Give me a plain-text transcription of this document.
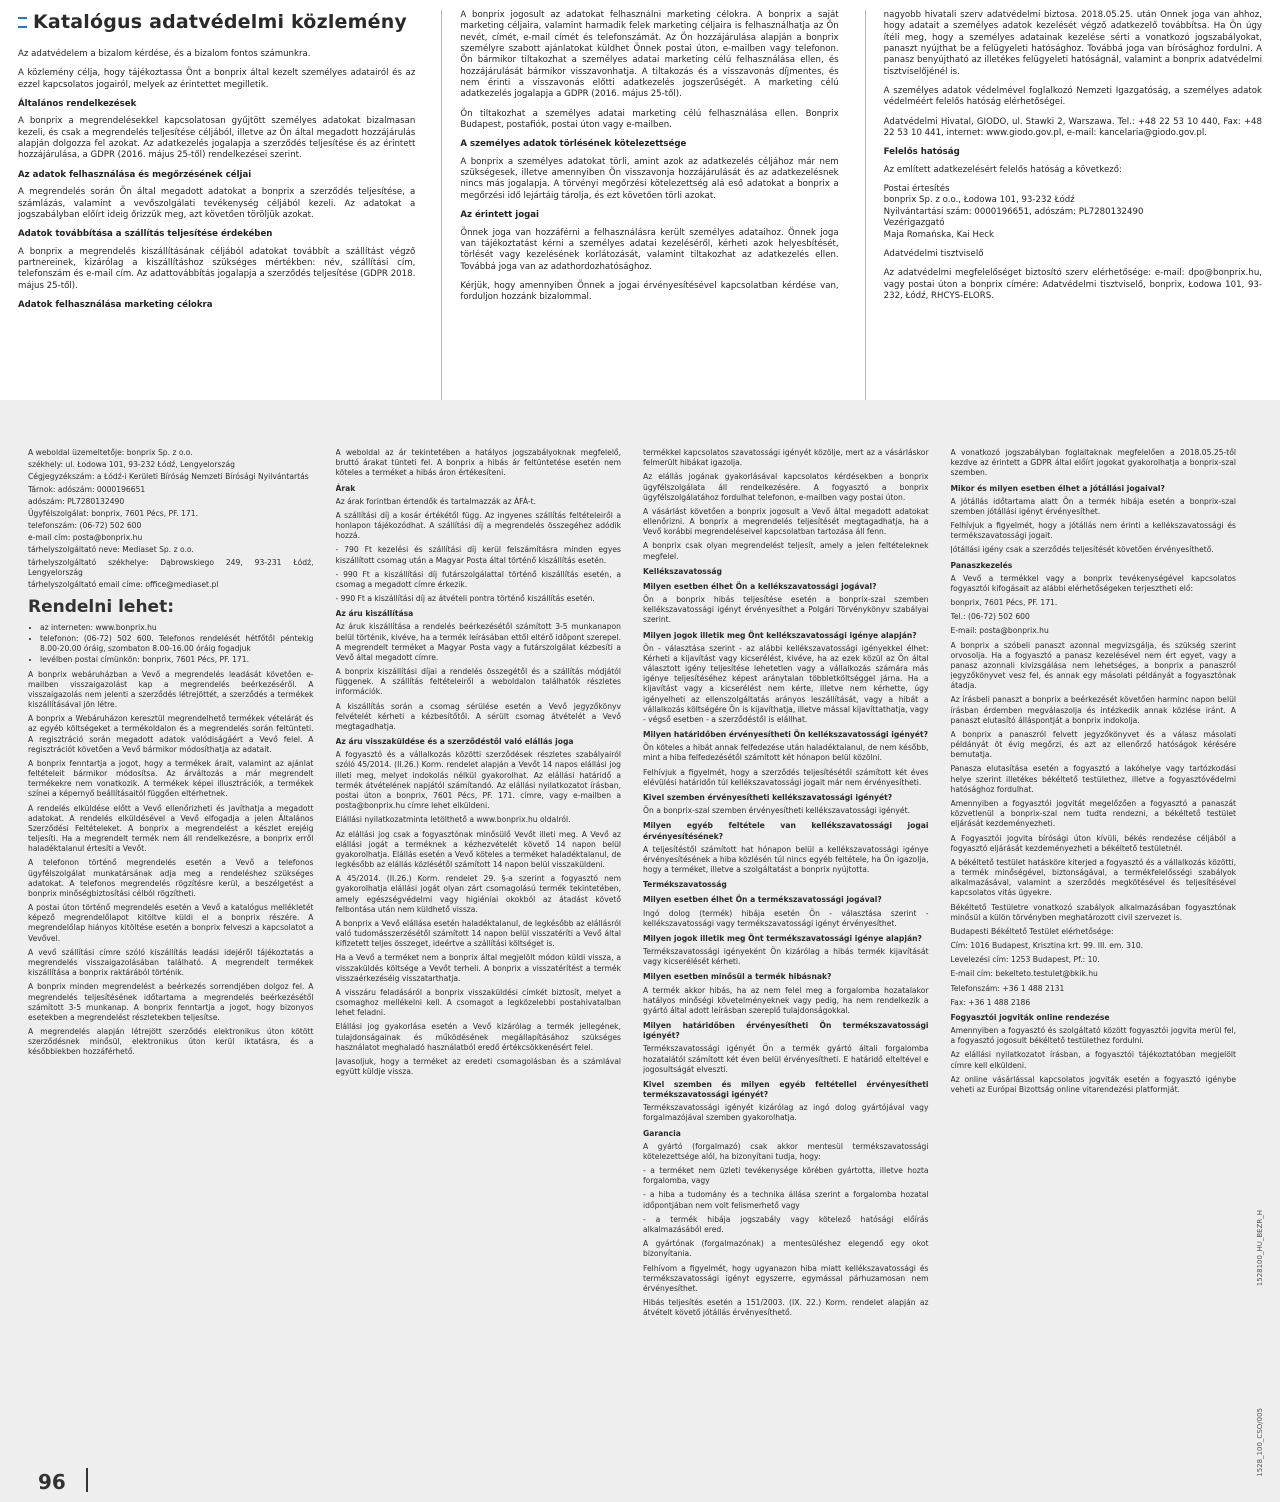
Katalógus adatvédelmi közlemény
Az adatvédelem a bizalom kérdése, és a bizalom fontos számunkra.
A közlemény célja, hogy tájékoztassa Önt a bonprix által kezelt személyes adatairól és az ezzel kapcsolatos jogairól, melyek az érintettet megilletik.
Általános rendelkezések
A bonprix a megrendelésekkel kapcsolatosan gyűjtött személyes adatokat bizalmasan kezeli, és csak a megrendelés teljesítése céljából, illetve az Ön által megadott hozzájárulás alapján dolgozza fel azokat. Az adatkezelés jogalapja a szerződés teljesítése és az érintett hozzájárulása, a GDPR (2016. május 25-től) rendelkezései szerint.
Az adatok felhasználása és megőrzésének céljai
A megrendelés során Ön által megadott adatokat a bonprix a szerződés teljesítése, a számlázás, valamint a vevőszolgálati tevékenység céljából kezeli. Az adatokat a jogszabályban előírt ideig őrizzük meg, azt követően töröljük azokat.
Adatok továbbítása a szállítás teljesítése érdekében
A bonprix a megrendelés kiszállításának céljából adatokat továbbít a szállítást végző partnereinek, kizárólag a kiszállításhoz szükséges mértékben: név, szállítási cím, telefonszám és e-mail cím. Az adattovábbítás jogalapja a szerződés teljesítése (GDPR 2018. május 25-től).
Adatok felhasználása marketing célokra
A bonprix jogosult az adatokat felhasználni marketing célokra. A bonprix a saját marketing céljaira, valamint harmadik felek marketing céljaira is felhasználhatja az Ön nevét, címét, e-mail címét és telefonszámát. Az Ön hozzájárulása alapján a bonprix személyre szabott ajánlatokat küldhet Önnek postai úton, e-mailben vagy telefonon. Ön bármikor tiltakozhat a személyes adatai marketing célú felhasználása ellen, és hozzájárulását bármikor visszavonhatja. A tiltakozás és a visszavonás díjmentes, és nem érinti a visszavonás előtti adatkezelés jogszerűségét. A marketing célú adatkezelés jogalapja a GDPR (2016. május 25-től).
Ön tiltakozhat a személyes adatai marketing célú felhasználása ellen. Bonprix Budapest, postafiók, postai úton vagy e-mailben.
A személyes adatok törlésének kötelezettsége
A bonprix a személyes adatokat törli, amint azok az adatkezelés céljához már nem szükségesek, illetve amennyiben Ön visszavonja hozzájárulását és az adatkezelésnek nincs más jogalapja. A törvényi megőrzési kötelezettség alá eső adatokat a bonprix a megőrzési idő lejártáig tárolja, és ezt követően törli azokat.
Az érintett jogai
Önnek joga van hozzáférni a felhasználásra került személyes adataihoz. Önnek joga van tájékoztatást kérni a személyes adatai kezeléséről, kérheti azok helyesbítését, törlését vagy kezelésének korlátozását, valamint tiltakozhat az adatkezelés ellen. Továbbá joga van az adathordozhatósághoz.
Kérjük, hogy amennyiben Önnek a jogai érvényesítésével kapcsolatban kérdése van, forduljon hozzánk bizalommal.
nagyobb hivatali szerv adatvédelmi biztosa. 2018.05.25. után Önnek joga van ahhoz, hogy adatait a személyes adatok kezelését végző adatkezelő továbbítsa. Ha Ön úgy ítéli meg, hogy a személyes adatainak kezelése sérti a vonatkozó jogszabályokat, panaszt nyújthat be a felügyeleti hatósághoz. Továbbá joga van bírósághoz fordulni. A panasz benyújtható az illetékes felügyeleti hatóságnál, valamint a bonprix adatvédelmi tisztviselőjénél is.
A személyes adatok védelmével foglalkozó Nemzeti Igazgatóság, a személyes adatok védelméért felelős hatóság elérhetőségei.
Adatvédelmi Hivatal, GIODO, ul. Stawki 2, Warszawa. Tel.: +48 22 53 10 440, Fax: +48 22 53 10 441, internet: www.giodo.gov.pl, e-mail: kancelaria@giodo.gov.pl.
Felelős hatóság
Az említett adatkezelésért felelős hatóság a következő:
Postai értesítés
bonprix Sp. z o.o., Łodowa 101, 93-232 Łódź
Nyilvántartási szám: 0000196651, adószám: PL7280132490
Vezérigazgató
Maja Romańska, Kai Heck
Adatvédelmi tisztviselő
Az adatvédelmi megfelelőséget biztosító szerv elérhetősége: e-mail: dpo@bonprix.hu, vagy postai úton a bonprix címére: Adatvédelmi tisztviselő, bonprix, Łodowa 101, 93-232, Łódź, RHCYS-ELORS.
A weboldal üzemeltetője: bonprix Sp. z o.o.
székhely: ul. Łodowa 101, 93-232 Łódź, Lengyelország
Cégjegyzékszám: a Łódź-i Kerületi Bíróság Nemzeti Bírósági Nyilvántartás
Tárnok: adószám: 0000196651
adószám: PL7280132490
Ügyfélszolgálat: bonprix, 7601 Pécs, PF. 171.
telefonszám: (06-72) 502 600
e-mail cím: posta@bonprix.hu
tárhelyszolgáltató neve: Mediaset Sp. z o.o.
tárhelyszolgáltató székhelye: Dąbrowskiego 249, 93-231 Łódź, Lengyelország
tárhelyszolgáltató email címe: office@mediaset.pl
Rendelni lehet:
• az interneten: www.bonprix.hu
• telefonon: (06-72) 502 600. Telefonos rendelését hétfőtől péntekig 8.00-20.00 óráig, szombaton 8.00-16.00 óráig fogadjuk
• levélben postai címünkön: bonprix, 7601 Pécs, PF. 171.
A bonprix webáruházban a Vevő a megrendelés leadását követően e-mailben visszaigazolást kap a megrendelés beérkezéséről. A visszaigazolás nem jelenti a szerződés létrejöttét, a szerződés a termékek kiszállításával jön létre.
A bonprix a Webáruházon keresztül megrendelhető termékek vételárát és az egyéb költségeket a termékoldalon és a megrendelés során feltünteti. A regisztráció során megadott adatok valódiságáért a Vevő felel. A regisztrációt követően a Vevő bármikor módosíthatja az adatait.
A bonprix fenntartja a jogot, hogy a termékek árait, valamint az ajánlat feltételeit bármikor módosítsa. Az árváltozás a már megrendelt termékekre nem vonatkozik. A termékek képei illusztrációk, a termékek színei a képernyő beállításaitól függően eltérhetnek.
A rendelés elküldése előtt a Vevő ellenőrizheti és javíthatja a megadott adatokat. A rendelés elküldésével a Vevő elfogadja a jelen Általános Szerződési Feltételeket. A bonprix a megrendelést a készlet erejéig teljesíti. Ha a megrendelt termék nem áll rendelkezésre, a bonprix erről haladéktalanul értesíti a Vevőt.
A telefonon történő megrendelés esetén a Vevő a telefonos ügyfélszolgálat munkatársának adja meg a rendeléshez szükséges adatokat. A telefonos megrendelés rögzítésre kerül, a beszélgetést a bonprix minőségbiztosítási célból rögzítheti.
A postai úton történő megrendelés esetén a Vevő a katalógus mellékletét képező megrendelőlapot kitöltve küldi el a bonprix részére. A megrendelőlap hiányos kitöltése esetén a bonprix felveszi a kapcsolatot a Vevővel.
A vevő szállítási címre szóló kiszállítás leadási idejéről tájékoztatás a megrendelés visszaigazolásában található. A megrendelt termékek kiszállítása a bonprix raktárából történik.
A bonprix minden megrendelést a beérkezés sorrendjében dolgoz fel. A megrendelés teljesítésének időtartama a megrendelés beérkezésétől számított 3-5 munkanap. A bonprix fenntartja a jogot, hogy bizonyos esetekben a megrendelést részletekben teljesítse.
A megrendelés alapján létrejött szerződés elektronikus úton kötött szerződésnek minősül, elektronikus úton kerül iktatásra, és a későbbiekben hozzáférhető.
A weboldal az ár tekintetében a hatályos jogszabályoknak megfelelő, bruttó árakat tünteti fel. A bonprix a hibás ár feltüntetése esetén nem köteles a terméket a hibás áron értékesíteni.
Árak
Az árak forintban értendők és tartalmazzák az ÁFÁ-t.
A szállítási díj a kosár értékétől függ. Az ingyenes szállítás feltételeiről a honlapon tájékozódhat. A szállítási díj a megrendelés összegéhez adódik hozzá.
- 790 Ft kezelési és szállítási díj kerül felszámításra minden egyes kiszállított csomag után a Magyar Posta által történő kiszállítás esetén.
- 990 Ft a kiszállítási díj futárszolgálattal történő kiszállítás esetén, a csomag a megadott címre érkezik.
- 990 Ft a kiszállítási díj az átvételi pontra történő kiszállítás esetén.
Az áru kiszállítása
Az áruk kiszállítása a rendelés beérkezésétől számított 3-5 munkanapon belül történik, kivéve, ha a termék leírásában ettől eltérő időpont szerepel. A megrendelt terméket a Magyar Posta vagy a futárszolgálat kézbesíti a Vevő által megadott címre.
A bonprix kiszállítási díjai a rendelés összegétől és a szállítás módjától függenek. A szállítás feltételeiről a weboldalon találhatók részletes információk.
A kiszállítás során a csomag sérülése esetén a Vevő jegyzőkönyv felvételét kérheti a kézbesítőtől. A sérült csomag átvételét a Vevő megtagadhatja.
Az áru visszaküldése és a szerződéstől való elállás joga
A fogyasztó és a vállalkozás közötti szerződések részletes szabályairól szóló 45/2014. (II.26.) Korm. rendelet alapján a Vevőt 14 napos elállási jog illeti meg, melyet indokolás nélkül gyakorolhat. Az elállási határidő a termék átvételének napjától számítandó. Az elállási nyilatkozatot írásban, postai úton a bonprix, 7601 Pécs, PF. 171. címre, vagy e-mailben a posta@bonprix.hu címre lehet elküldeni.
Elállási nyilatkozatminta letölthető a www.bonprix.hu oldalról.
Az elállási jog csak a fogyasztónak minősülő Vevőt illeti meg. A Vevő az elállási jogát a terméknek a kézhezvételét követő 14 napon belül gyakorolhatja. Elállás esetén a Vevő köteles a terméket haladéktalanul, de legkésőbb az elállás közlésétől számított 14 napon belül visszaküldeni.
A 45/2014. (II.26.) Korm. rendelet 29. §-a szerint a fogyasztó nem gyakorolhatja elállási jogát olyan zárt csomagolású termék tekintetében, amely egészségvédelmi vagy higiéniai okokból az átadást követő felbontása után nem küldhető vissza.
A bonprix a Vevő elállása esetén haladéktalanul, de legkésőbb az elállásról való tudomásszerzésétől számított 14 napon belül visszatéríti a Vevő által kifizetett teljes összeget, ideértve a szállítási költséget is.
Ha a Vevő a terméket nem a bonprix által megjelölt módon küldi vissza, a visszaküldés költsége a Vevőt terheli. A bonprix a visszatérítést a termék visszaérkezéséig visszatarthatja.
A visszáru feladásáról a bonprix visszaküldési címkét biztosít, melyet a csomaghoz mellékelni kell. A csomagot a legközelebbi postahivatalban lehet feladni.
Elállási jog gyakorlása esetén a Vevő kizárólag a termék jellegének, tulajdonságainak és működésének megállapításához szükséges használatot meghaladó használatból eredő értékcsökkenésért felel.
Javasoljuk, hogy a terméket az eredeti csomagolásban és a számlával együtt küldje vissza.
termékkel kapcsolatos szavatossági igényét közölje, mert az a vásárláskor felmerült hibákat igazolja.
Az elállás jogának gyakorlásával kapcsolatos kérdésekben a bonprix ügyfélszolgálata áll rendelkezésére. A fogyasztó a bonprix ügyfélszolgálatához fordulhat telefonon, e-mailben vagy postai úton.
A vásárlást követően a bonprix jogosult a Vevő által megadott adatokat ellenőrizni. A bonprix a megrendelés teljesítését megtagadhatja, ha a Vevő korábbi megrendeléseivel kapcsolatban tartozása áll fenn.
A bonprix csak olyan megrendelést teljesít, amely a jelen feltételeknek megfelel.
Kellékszavatosság
Milyen esetben élhet Ön a kellékszavatossági jogával?
Ön a bonprix hibás teljesítése esetén a bonprix-szal szemben kellékszavatossági igényt érvényesíthet a Polgári Törvénykönyv szabályai szerint.
Milyen jogok illetik meg Önt kellékszavatossági igénye alapján?
Ön - választása szerint - az alábbi kellékszavatossági igényekkel élhet: Kérheti a kijavítást vagy kicserélést, kivéve, ha az ezek közül az Ön által választott igény teljesítése lehetetlen vagy a vállalkozás számára más igénye teljesítéséhez képest aránytalan többletköltséggel járna. Ha a kijavítást vagy a kicserélést nem kérte, illetve nem kérhette, úgy igényelheti az ellenszolgáltatás arányos leszállítását, vagy a hibát a vállalkozás költségére Ön is kijavíthatja, illetve mással kijavíttathatja, vagy - végső esetben - a szerződéstől is elállhat.
Milyen határidőben érvényesítheti Ön kellékszavatossági igényét?
Ön köteles a hibát annak felfedezése után haladéktalanul, de nem később, mint a hiba felfedezésétől számított két hónapon belül közölni.
Felhívjuk a figyelmét, hogy a szerződés teljesítésétől számított két éves elévülési határidőn túl kellékszavatossági jogait már nem érvényesítheti.
Kivel szemben érvényesítheti kellékszavatossági igényét?
Ön a bonprix-szal szemben érvényesítheti kellékszavatossági igényét.
Milyen egyéb feltétele van kellékszavatossági jogai érvényesítésének?
A teljesítéstől számított hat hónapon belül a kellékszavatossági igénye érvényesítésének a hiba közlésén túl nincs egyéb feltétele, ha Ön igazolja, hogy a terméket, illetve a szolgáltatást a bonprix nyújtotta.
Termékszavatosság
Milyen esetben élhet Ön a termékszavatossági jogával?
Ingó dolog (termék) hibája esetén Ön - választása szerint - kellékszavatossági vagy termékszavatossági igényt érvényesíthet.
Milyen jogok illetik meg Önt termékszavatossági igénye alapján?
Termékszavatossági igényeként Ön kizárólag a hibás termék kijavítását vagy kicserélését kérheti.
Milyen esetben minősül a termék hibásnak?
A termék akkor hibás, ha az nem felel meg a forgalomba hozatalakor hatályos minőségi követelményeknek vagy pedig, ha nem rendelkezik a gyártó által adott leírásban szereplő tulajdonságokkal.
Milyen határidőben érvényesítheti Ön termékszavatossági igényét?
Termékszavatossági igényét Ön a termék gyártó általi forgalomba hozatalától számított két éven belül érvényesítheti. E határidő elteltével e jogosultságát elveszti.
Kivel szemben és milyen egyéb feltétellel érvényesítheti termékszavatossági igényét?
Termékszavatossági igényét kizárólag az ingó dolog gyártójával vagy forgalmazójával szemben gyakorolhatja.
Garancia
A gyártó (forgalmazó) csak akkor mentesül termékszavatossági kötelezettsége alól, ha bizonyítani tudja, hogy:
- a terméket nem üzleti tevékenysége körében gyártotta, illetve hozta forgalomba, vagy
- a hiba a tudomány és a technika állása szerint a forgalomba hozatal időpontjában nem volt felismerhető vagy
- a termék hibája jogszabály vagy kötelező hatósági előírás alkalmazásából ered.
A gyártónak (forgalmazónak) a mentesüléshez elegendő egy okot bizonyítania.
Felhívom a figyelmét, hogy ugyanazon hiba miatt kellékszavatossági és termékszavatossági igényt egyszerre, egymással párhuzamosan nem érvényesíthet.
Hibás teljesítés esetén a 151/2003. (IX. 22.) Korm. rendelet alapján az átvételt követő jótállás érvényesíthető.
A vonatkozó jogszabályban foglaltaknak megfelelően a 2018.05.25-től kezdve az érintett a GDPR által előírt jogokat gyakorolhatja a bonprix-szal szemben.
Mikor és milyen esetben élhet a jótállási jogaival?
A jótállás időtartama alatt Ön a termék hibája esetén a bonprix-szal szemben jótállási igényt érvényesíthet.
Felhívjuk a figyelmét, hogy a jótállás nem érinti a kellékszavatossági és termékszavatossági jogait.
Jótállási igény csak a szerződés teljesítését követően érvényesíthető.
Panaszkezelés
A Vevő a termékkel vagy a bonprix tevékenységével kapcsolatos fogyasztói kifogásait az alábbi elérhetőségeken terjesztheti elő:
bonprix, 7601 Pécs, PF. 171.
Tel.: (06-72) 502 600
E-mail: posta@bonprix.hu
A bonprix a szóbeli panaszt azonnal megvizsgálja, és szükség szerint orvosolja. Ha a fogyasztó a panasz kezelésével nem ért egyet, vagy a panasz azonnali kivizsgálása nem lehetséges, a bonprix a panaszról jegyzőkönyvet vesz fel, és annak egy másolati példányát a fogyasztónak átadja.
Az írásbeli panaszt a bonprix a beérkezését követően harminc napon belül írásban érdemben megválaszolja és intézkedik annak közlése iránt. A panaszt elutasító álláspontját a bonprix indokolja.
A bonprix a panaszról felvett jegyzőkönyvet és a válasz másolati példányát öt évig megőrzi, és azt az ellenőrző hatóságok kérésére bemutatja.
Panasza elutasítása esetén a fogyasztó a lakóhelye vagy tartózkodási helye szerint illetékes békéltető testülethez, illetve a fogyasztóvédelmi hatósághoz fordulhat.
Amennyiben a fogyasztói jogvitát megelőzően a fogyasztó a panaszát közvetlenül a bonprix-szal nem tudta rendezni, a békéltető testület eljárását kezdeményezheti.
A Fogyasztói jogvita bírósági úton kívüli, békés rendezése céljából a fogyasztó eljárását kezdeményezheti a békéltető testületnél.
A békéltető testület hatásköre kiterjed a fogyasztó és a vállalkozás közötti, a termék minőségével, biztonságával, a termékfelelősségi szabályok alkalmazásával, valamint a szerződés megkötésével és teljesítésével kapcsolatos vitás ügyekre.
Békéltető Testületre vonatkozó szabályok alkalmazásában fogyasztónak minősül a külön törvényben meghatározott civil szervezet is.
Budapesti Békéltető Testület elérhetősége:
Cím: 1016 Budapest, Krisztina krt. 99. III. em. 310.
Levelezési cím: 1253 Budapest, Pf.: 10.
E-mail cím: bekelteto.testulet@bkik.hu
Telefonszám: +36 1 488 2131
Fax: +36 1 488 2186
Fogyasztói jogviták online rendezése
Amennyiben a fogyasztó és szolgáltató között fogyasztói jogvita merül fel, a fogyasztó jogosult békéltető testülethez fordulni.
Az elállási nyilatkozatot írásban, a fogyasztói tájékoztatóban megjelölt címre kell elküldeni.
Az online vásárlással kapcsolatos jogviták esetén a fogyasztó igénybe veheti az Európai Bizottság online vitarendezési platformját.
96
1528100_HU_BEZR_H
1528_100_CSO/005
